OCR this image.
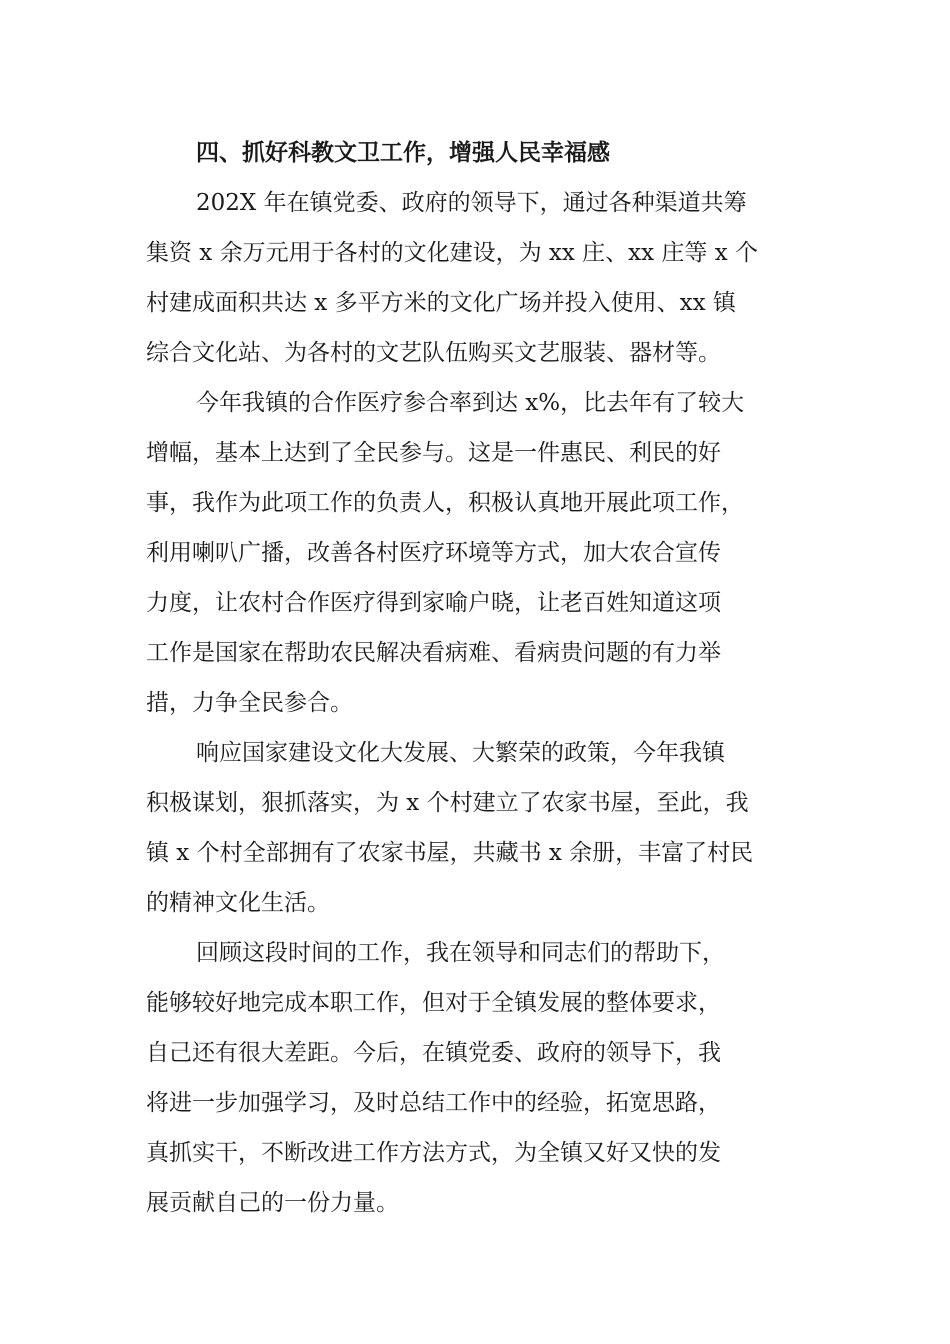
四、抓好科教文卫工作，增强人民幸福感

202X 年在镇党委、政府的领导下，通过各种渠道共筹
集资 x 余万元用于各村的文化建设，为 xx 庄、xx 庄等 x 个
村建成面积共达 x 多平方米的文化广场并投入使用、xx 镇
综合文化站、为各村的文艺队伍购买文艺服装、器材等。

今年我镇的合作医疗参合率到达 x%，比去年有了较大
增幅，基本上达到了全民参与。这是一件惠民、利民的好
事，我作为此项工作的负责人，积极认真地开展此项工作，
利用喇叭广播，改善各村医疗环境等方式，加大农合宣传
力度，让农村合作医疗得到家喻户晓，让老百姓知道这项
工作是国家在帮助农民解决看病难、看病贵问题的有力举
措，力争全民参合。

响应国家建设文化大发展、大繁荣的政策，今年我镇
积极谋划，狠抓落实，为 x 个村建立了农家书屋，至此，我
镇 x 个村全部拥有了农家书屋，共藏书 x 余册，丰富了村民
的精神文化生活。

回顾这段时间的工作，我在领导和同志们的帮助下，
能够较好地完成本职工作，但对于全镇发展的整体要求，
自己还有很大差距。今后，在镇党委、政府的领导下，我
将进一步加强学习，及时总结工作中的经验，拓宽思路，
真抓实干，不断改进工作方法方式，为全镇又好又快的发
展贡献自己的一份力量。
